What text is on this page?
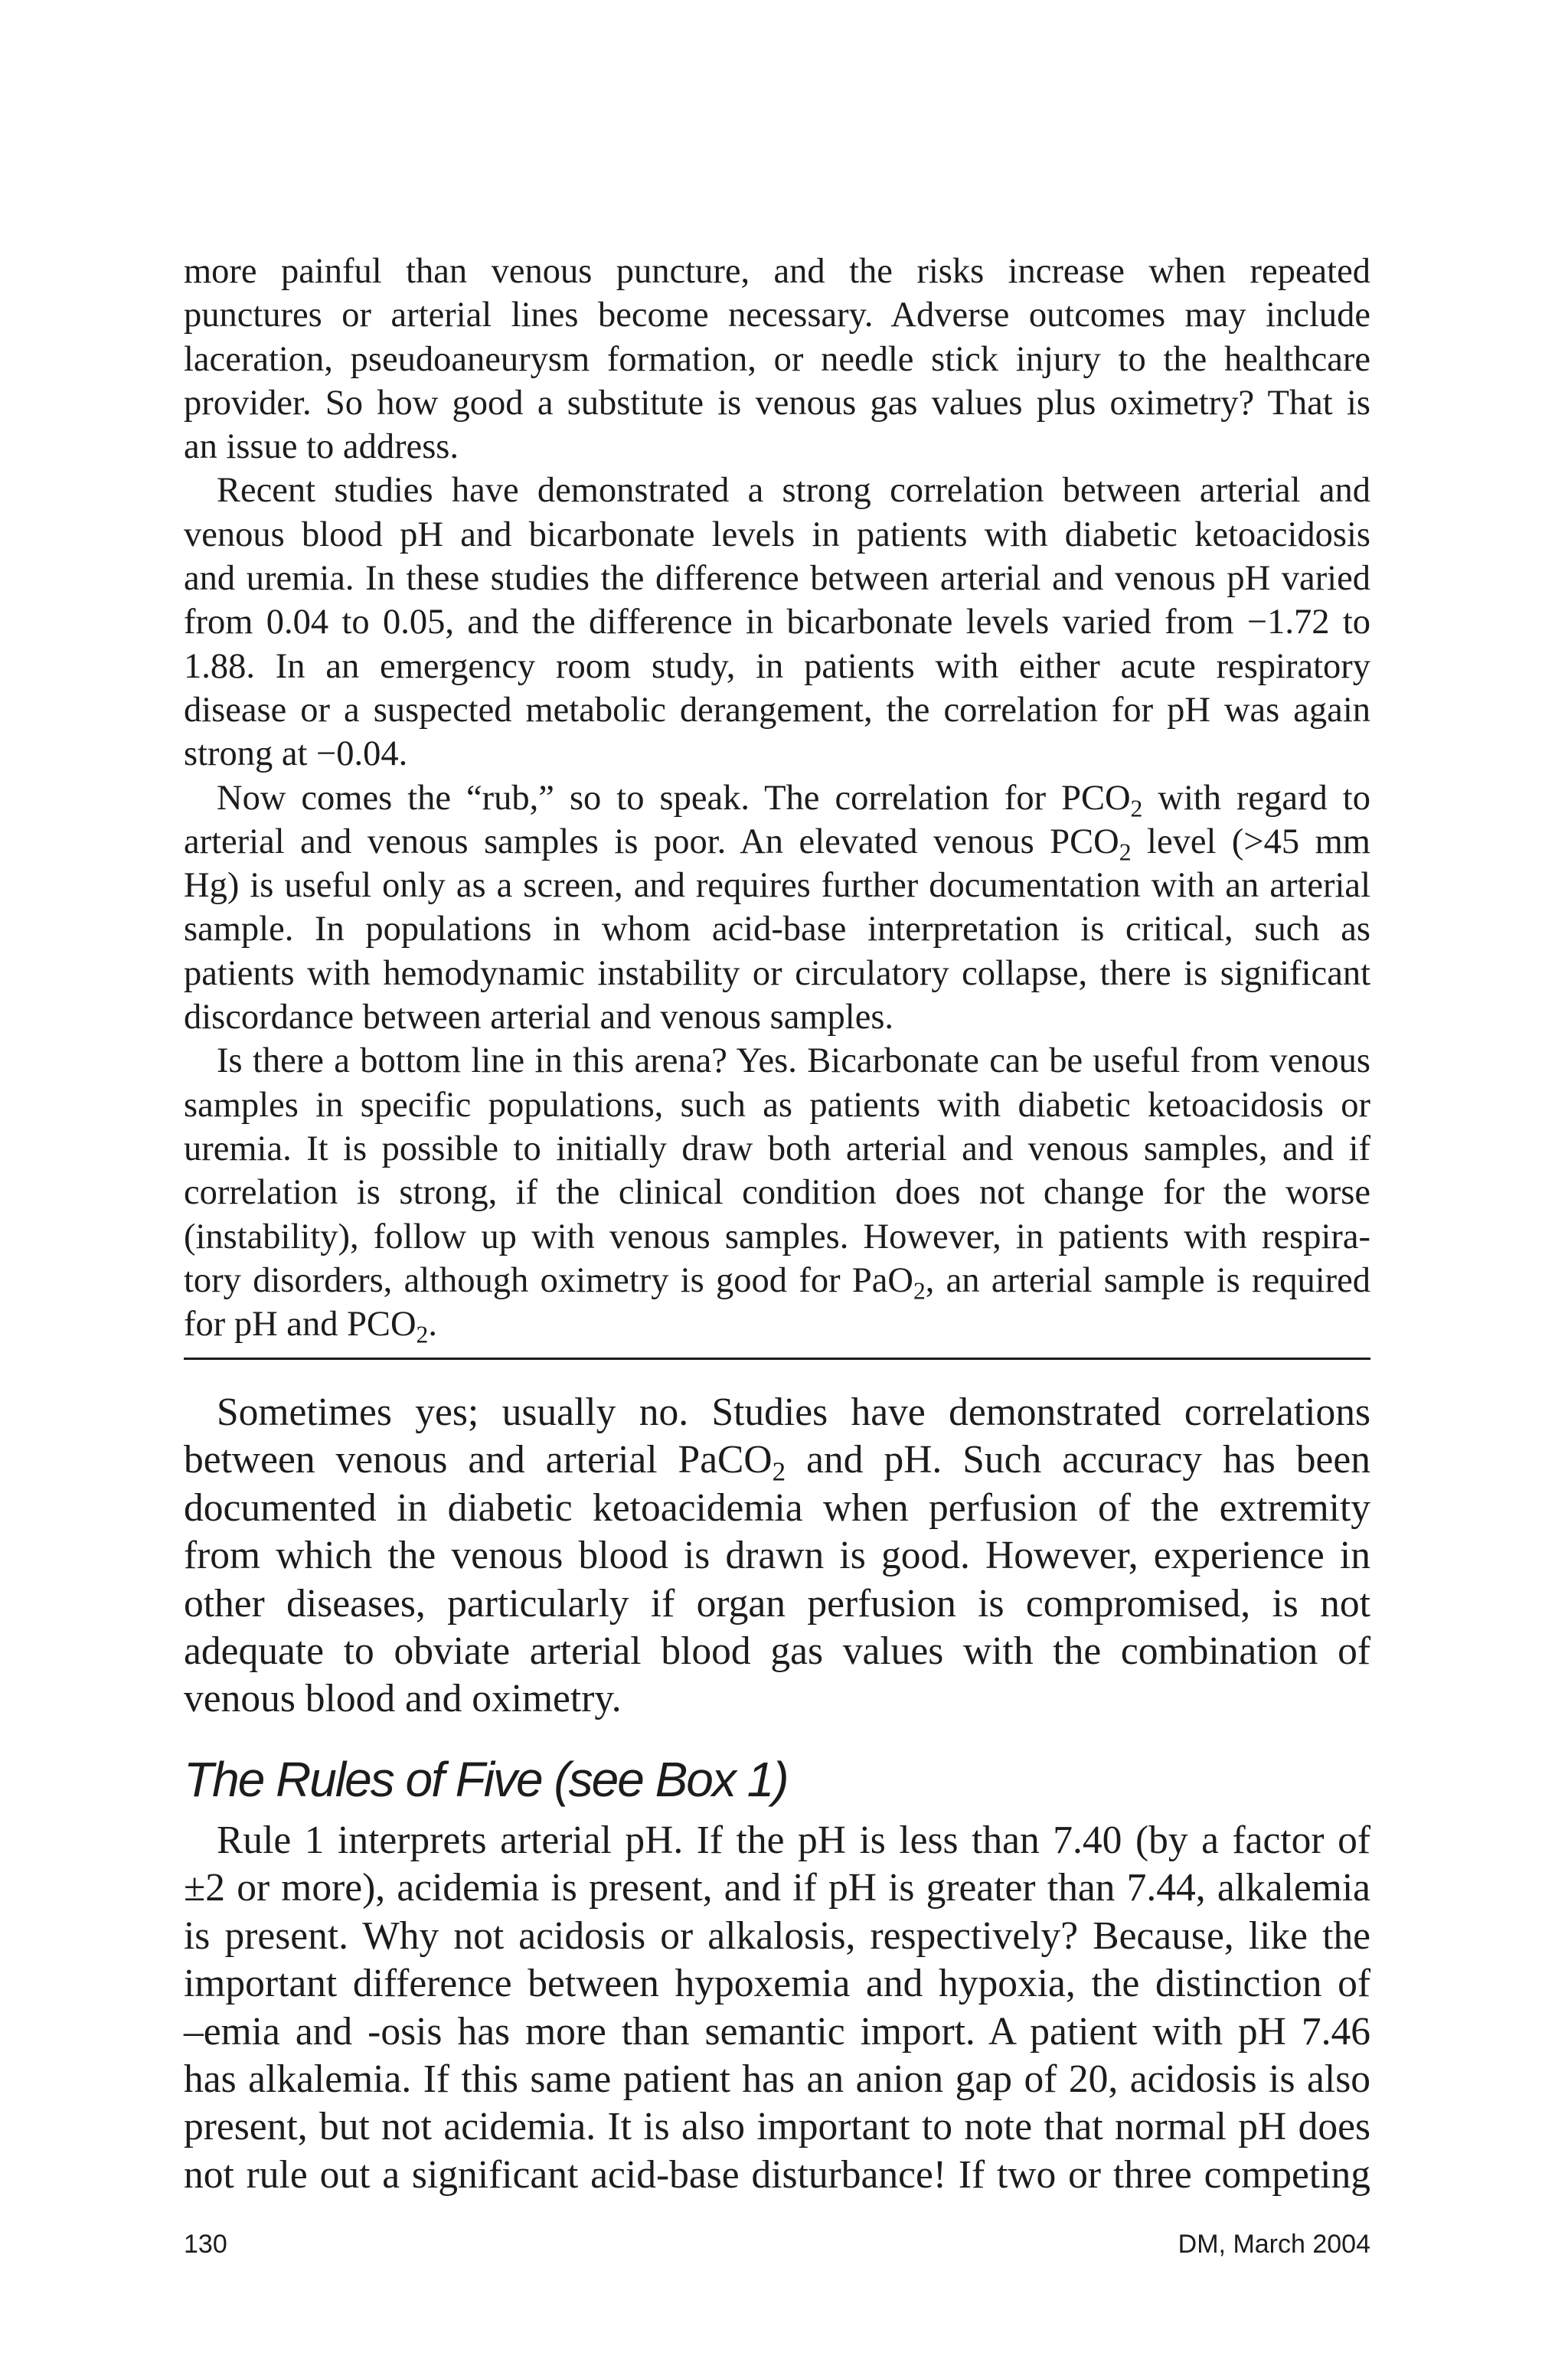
more painful than venous puncture, and the risks increase when repeated
punctures or arterial lines become necessary. Adverse outcomes may include
laceration, pseudoaneurysm formation, or needle stick injury to the healthcare
provider. So how good a substitute is venous gas values plus oximetry? That is
an issue to address.
Recent studies have demonstrated a strong correlation between arterial and
venous blood pH and bicarbonate levels in patients with diabetic ketoacidosis
and uremia. In these studies the difference between arterial and venous pH varied
from 0.04 to 0.05, and the difference in bicarbonate levels varied from −1.72 to
1.88. In an emergency room study, in patients with either acute respiratory
disease or a suspected metabolic derangement, the correlation for pH was again
strong at −0.04.
Now comes the “rub,” so to speak. The correlation for $PCO_2$ with regard to
arterial and venous samples is poor. An elevated venous $PCO_2$ level (>45 mm
Hg) is useful only as a screen, and requires further documentation with an arterial
sample. In populations in whom acid-base interpretation is critical, such as
patients with hemodynamic instability or circulatory collapse, there is significant
discordance between arterial and venous samples.
Is there a bottom line in this arena? Yes. Bicarbonate can be useful from venous
samples in specific populations, such as patients with diabetic ketoacidosis or
uremia. It is possible to initially draw both arterial and venous samples, and if
correlation is strong, if the clinical condition does not change for the worse
(instability), follow up with venous samples. However, in patients with respira-
tory disorders, although oximetry is good for PaO$_2$, an arterial sample is required
for pH and $PCO_2$.
Sometimes yes; usually no. Studies have demonstrated correlations
between venous and arterial PaCO$_2$ and pH. Such accuracy has been
documented in diabetic ketoacidemia when perfusion of the extremity
from which the venous blood is drawn is good. However, experience in
other diseases, particularly if organ perfusion is compromised, is not
adequate to obviate arterial blood gas values with the combination of
venous blood and oximetry.
The Rules of Five (see Box 1)
Rule 1 interprets arterial pH. If the pH is less than 7.40 (by a factor of
±2 or more), acidemia is present, and if pH is greater than 7.44, alkalemia
is present. Why not acidosis or alkalosis, respectively? Because, like the
important difference between hypoxemia and hypoxia, the distinction of
–emia and -osis has more than semantic import. A patient with pH 7.46
has alkalemia. If this same patient has an anion gap of 20, acidosis is also
present, but not acidemia. It is also important to note that normal pH does
not rule out a significant acid-base disturbance! If two or three competing
130	DM, March 2004
